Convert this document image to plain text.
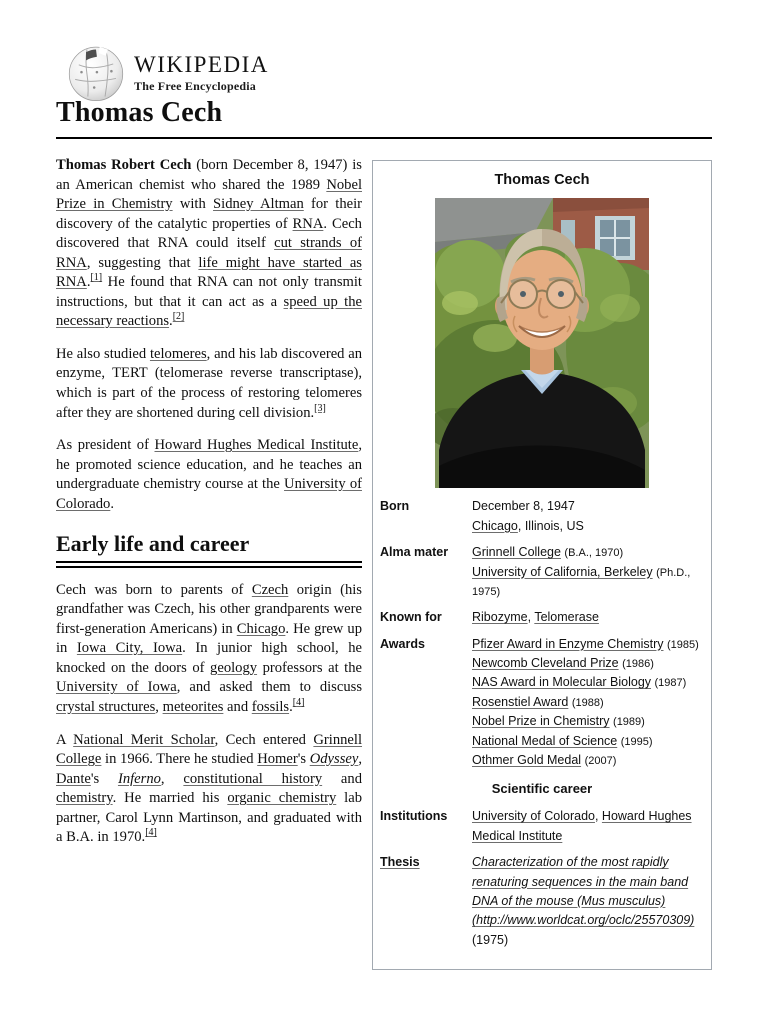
WIKIPEDIA
The Free Encyclopedia
Thomas Cech

Thomas Robert Cech (born December 8, 1947) is an American chemist who shared the 1989 Nobel Prize in Chemistry with Sidney Altman for their discovery of the catalytic properties of RNA. Cech discovered that RNA could itself cut strands of RNA, suggesting that life might have started as RNA.[1] He found that RNA can not only transmit instructions, but that it can act as a speed up the necessary reactions.[2]

He also studied telomeres, and his lab discovered an enzyme, TERT (telomerase reverse transcriptase), which is part of the process of restoring telomeres after they are shortened during cell division.[3]

As president of Howard Hughes Medical Institute, he promoted science education, and he teaches an undergraduate chemistry course at the University of Colorado.

Early life and career

Cech was born to parents of Czech origin (his grandfather was Czech, his other grandparents were first-generation Americans) in Chicago. He grew up in Iowa City, Iowa. In junior high school, he knocked on the doors of geology professors at the University of Iowa, and asked them to discuss crystal structures, meteorites and fossils.[4]

A National Merit Scholar, Cech entered Grinnell College in 1966. There he studied Homer's Odyssey, Dante's Inferno, constitutional history and chemistry. He married his organic chemistry lab partner, Carol Lynn Martinson, and graduated with a B.A. in 1970.[4]

Thomas Cech
Born	December 8, 1947
Chicago, Illinois, US
Alma mater	Grinnell College (B.A., 1970)
University of California, Berkeley (Ph.D., 1975)
Known for	Ribozyme, Telomerase
Awards	Pfizer Award in Enzyme Chemistry (1985)
Newcomb Cleveland Prize (1986)
NAS Award in Molecular Biology (1987)
Rosenstiel Award (1988)
Nobel Prize in Chemistry (1989)
National Medal of Science (1995)
Othmer Gold Medal (2007)
Scientific career
Institutions	University of Colorado, Howard Hughes Medical Institute
Thesis	Characterization of the most rapidly renaturing sequences in the main band DNA of the mouse (Mus musculus) (http://www.worldcat.org/oclc/25570309) (1975)
